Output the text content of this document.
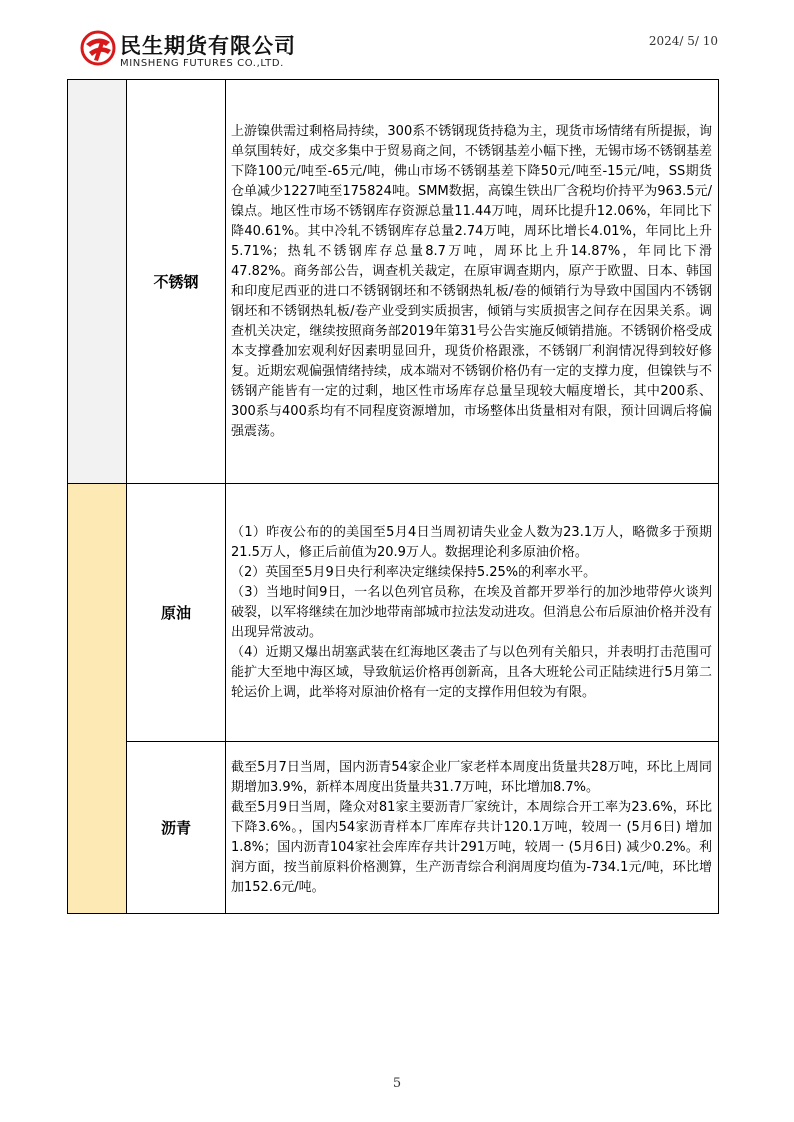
民生期货有限公司
MINSHENG FUTURES CO.,LTD.
2024/ 5/ 10
	不锈钢	上游镍供需过剩格局持续，300系不锈钢现货持稳为主，现货市场情绪有所提振，询单氛围转好，成交多集中于贸易商之间，不锈钢基差小幅下挫，无锡市场不锈钢基差下降100元/吨至-65元/吨，佛山市场不锈钢基差下降50元/吨至-15元/吨，SS期货仓单减少1227吨至175824吨。SMM数据，高镍生铁出厂含税均价持平为963.5元/镍点。地区性市场不锈钢库存资源总量11.44万吨，周环比提升12.06%，年同比下降40.61%。其中冷轧不锈钢库存总量2.74万吨，周环比增长4.01%，年同比上升5.71%；热轧不锈钢库存总量8.7万吨，周环比上升14.87%，年同比下滑47.82%。商务部公告，调查机关裁定，在原审调查期内，原产于欧盟、日本、韩国和印度尼西亚的进口不锈钢钢坯和不锈钢热轧板/卷的倾销行为导致中国国内不锈钢钢坯和不锈钢热轧板/卷产业受到实质损害，倾销与实质损害之间存在因果关系。调查机关决定，继续按照商务部2019年第31号公告实施反倾销措施。不锈钢价格受成本支撑叠加宏观利好因素明显回升，现货价格跟涨，不锈钢厂利润情况得到较好修复。近期宏观偏强情绪持续，成本端对不锈钢价格仍有一定的支撑力度，但镍铁与不锈钢产能皆有一定的过剩，地区性市场库存总量呈现较大幅度增长，其中200系、300系与400系均有不同程度资源增加，市场整体出货量相对有限，预计回调后将偏强震荡。

	原油	（1）昨夜公布的的美国至5月4日当周初请失业金人数为23.1万人，略微多于预期21.5万人，修正后前值为20.9万人。数据理论利多原油价格。

（2）英国至5月9日央行利率决定继续保持5.25%的利率水平。

（3）当地时间9日，一名以色列官员称，在埃及首都开罗举行的加沙地带停火谈判破裂，以军将继续在加沙地带南部城市拉法发动进攻。但消息公布后原油价格并没有出现异常波动。

（4）近期又爆出胡塞武装在红海地区袭击了与以色列有关船只，并表明打击范围可能扩大至地中海区域，导致航运价格再创新高，且各大班轮公司正陆续进行5月第二轮运价上调，此举将对原油价格有一定的支撑作用但较为有限。

	沥青	截至5月7日当周，国内沥青54家企业厂家老样本周度出货量共28万吨，环比上周同期增加3.9%，新样本周度出货量共31.7万吨，环比增加8.7%。

截至5月9日当周，隆众对81家主要沥青厂家统计，本周综合开工率为23.6%，环比下降3.6%。，国内54家沥青样本厂库库存共计120.1万吨，较周一 (5月6日) 增加1.8%；国内沥青104家社会库库存共计291万吨，较周一 (5月6日) 减少0.2%。利润方面，按当前原料价格测算，生产沥青综合利润周度均值为-734.1元/吨，环比增加152.6元/吨。

5
